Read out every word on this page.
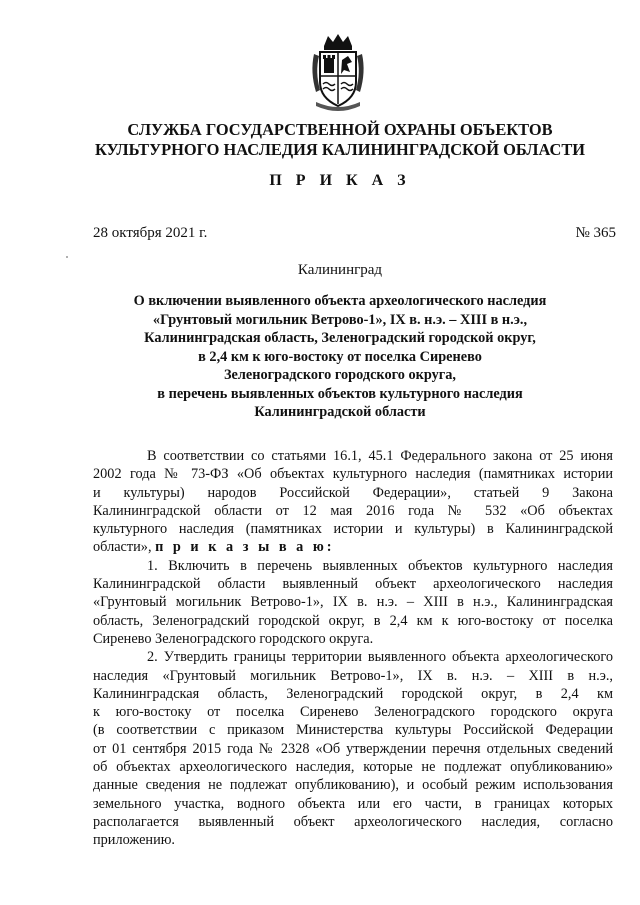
СЛУЖБА ГОСУДАРСТВЕННОЙ ОХРАНЫ ОБЪЕКТОВ
КУЛЬТУРНОГО НАСЛЕДИЯ КАЛИНИНГРАДСКОЙ ОБЛАСТИ
П Р И К А З
28 октября 2021 г.	№ 365
Калининград
О включении выявленного объекта археологического наследия
«Грунтовый могильник Ветрово-1», IX в. н.э. – XIII в н.э.,
Калининградская область, Зеленоградский городской округ,
в 2,4 км к юго-востоку от поселка Сиренево
Зеленоградского городского округа,
в перечень выявленных объектов культурного наследия
Калининградской области
В соответствии со статьями 16.1, 45.1 Федерального закона от 25 июня
2002 года № 73-ФЗ «Об объектах культурного наследия (памятниках истории
и культуры) народов Российской Федерации», статьей 9 Закона
Калининградской области от 12 мая 2016 года № 532 «Об объектах
культурного наследия (памятниках истории и культуры) в Калининградской
области», п р и к а з ы в а ю:
1. Включить в перечень выявленных объектов культурного наследия
Калининградской области выявленный объект археологического наследия
«Грунтовый могильник Ветрово-1», IX в. н.э. – XIII в н.э., Калининградская
область, Зеленоградский городской округ, в 2,4 км к юго-востоку от поселка
Сиренево Зеленоградского городского округа.
2. Утвердить границы территории выявленного объекта археологического
наследия «Грунтовый могильник Ветрово-1», IX в. н.э. – XIII в н.э.,
Калининградская область, Зеленоградский городской округ, в 2,4 км
к юго-востоку от поселка Сиренево Зеленоградского городского округа
(в соответствии с приказом Министерства культуры Российской Федерации
от 01 сентября 2015 года № 2328 «Об утверждении перечня отдельных сведений
об объектах археологического наследия, которые не подлежат опубликованию»
данные сведения не подлежат опубликованию), и особый режим использования
земельного участка, водного объекта или его части, в границах которых
располагается выявленный объект археологического наследия, согласно
приложению.
